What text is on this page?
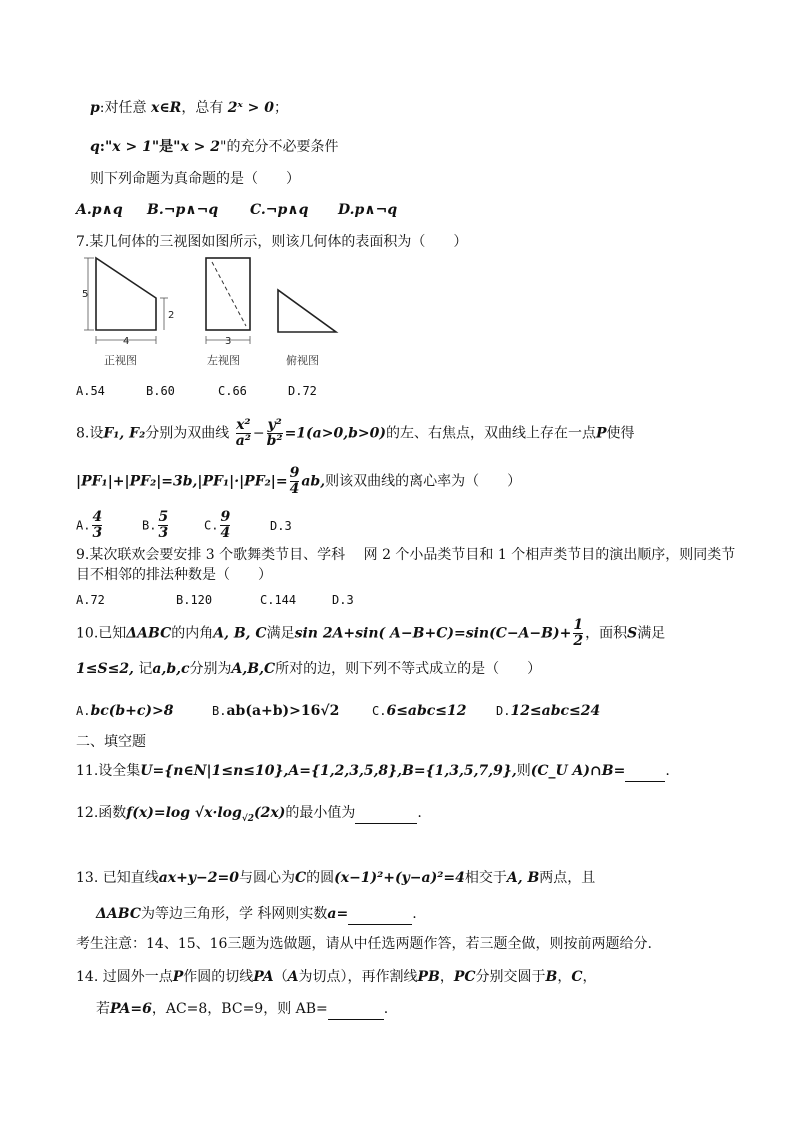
p:对任意 x∈R，总有 2ˣ > 0；
q:"x > 1"是"x > 2"的充分不必要条件
则下列命题为真命题的是（　　）
A.p∧q B.¬p∧¬q C.¬p∧q D.p∧¬q
7.某几何体的三视图如图所示，则该几何体的表面积为（　　）
5
2
4
正视图
3
左视图	俯视图
A.54	B.60	C.66	D.72
8.设F₁, F₂分别为双曲线 $\frac{\text{x²}}{\text{a²}} - \frac{\text{y²}}{\text{b²}} =1(a>0,b>0)$的左、右焦点，双曲线上存在一点P使得
$|PF_1|+|PF_2|=3b,|PF_1|\cdot|PF_2|= \frac{9}{4}$ ab,则该双曲线的离心率为（　　）
A. $\frac{4}{3}$	B. $\frac{5}{3}$	C. $\frac{9}{4}$	D.3
9.某次联欢会要安排 3 个歌舞类节目、学科　 网 2 个小品类节目和 1 个相声类节目的演出顺序，则同类节
目不相邻的排法种数是（　　）
A.72	B.120	C.144	D.3
10.已知ΔABC的内角A, B, C满足sin 2A+sin( $A-B+C)=\sin(C-A-B)+ \frac{1}{2}$ ，面积S满足
1≤S≤2, 记a,b,c分别为A,B,C所对的边，则下列不等式成立的是（　　）
A.bc(b+c)>8	B.ab(a+b)>16√2	C.6≤abc≤12 D.12≤abc≤24
二、填空题
11.设全集U={n∈N|1≤n≤10},A={1,2,3,5,8},B={1,3,5,7,9},则(C_U A)∩B=	.
12.函数f(x)=log $√x\cdot\log_{√2}(2x)$的最小值为	.
13. 已知直线ax+y−2=0与圆心为C的圆(x−1)²+(y−a)²=4相交于A, B两点，且
ΔABC为等边三角形，学 科网则实数a=	.
考生注意：14、15、16三题为选做题，请从中任选两题作答，若三题全做，则按前两题给分.
14. 过圆外一点P作圆的切线PA（A为切点），再作割线PB，PC分别交圆于B，C，
若PA=6，AC=8，BC=9，则 AB=	.
